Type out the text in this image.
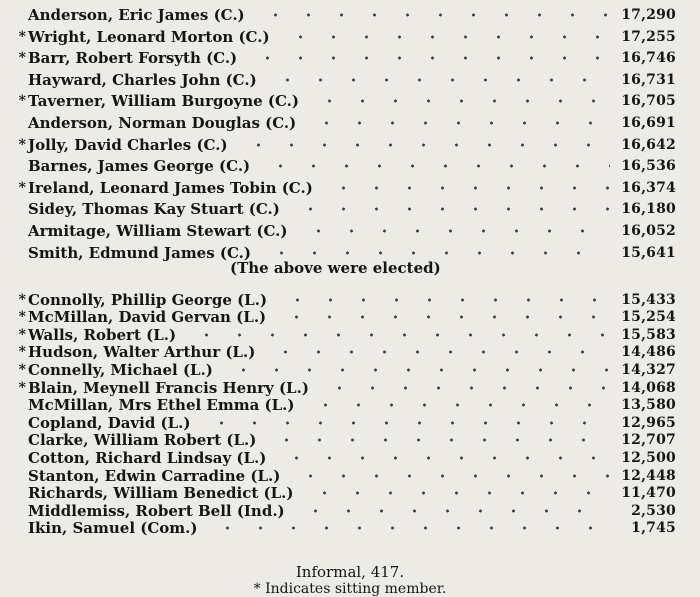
Anderson, Eric James (C.)	17,290
* Wright, Leonard Morton (C.)	17,255
* Barr, Robert Forsyth (C.)	16,746
Hayward, Charles John (C.)	16,731
* Taverner, William Burgoyne (C.)	16,705
Anderson, Norman Douglas (C.)	16,691
* Jolly, David Charles (C.)	16,642
Barnes, James George (C.)	16,536
* Ireland, Leonard James Tobin (C.)	16,374
Sidey, Thomas Kay Stuart (C.)	16,180
Armitage, William Stewart (C.)	16,052
Smith, Edmund James (C.)	15,641
(The above were elected)
* Connolly, Phillip George (L.)	15,433
* McMillan, David Gervan (L.)	15,254
* Walls, Robert (L.)	15,583
* Hudson, Walter Arthur (L.)	14,486
* Connelly, Michael (L.)	14,327
* Blain, Meynell Francis Henry (L.)	14,068
McMillan, Mrs Ethel Emma (L.)	13,580
Copland, David (L.)	12,965
Clarke, William Robert (L.)	12,707
Cotton, Richard Lindsay (L.)	12,500
Stanton, Edwin Carradine (L.)	12,448
Richards, William Benedict (L.)	11,470
Middlemiss, Robert Bell (Ind.)	2,530
Ikin, Samuel (Com.)	1,745
Informal, 417.
* Indicates sitting member.
